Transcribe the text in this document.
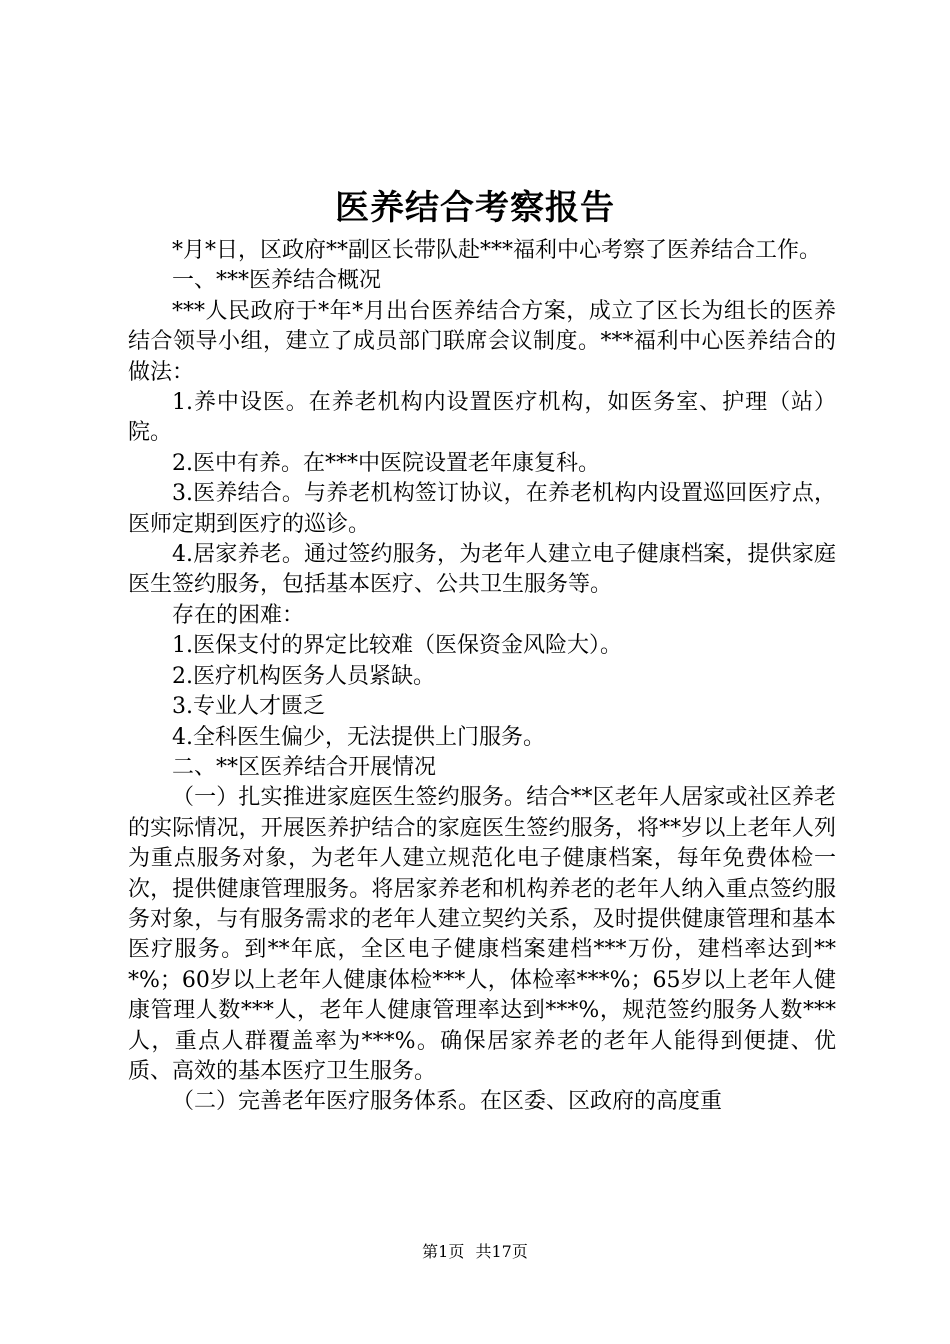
医养结合考察报告

*月*日，区政府**副区长带队赴***福利中心考察了医养结合工作。

一、***医养结合概况

***人民政府于*年*月出台医养结合方案，成立了区长为组长的医养结合领导小组，建立了成员部门联席会议制度。***福利中心医养结合的做法：

1.养中设医。在养老机构内设置医疗机构，如医务室、护理（站）院。

2.医中有养。在***中医院设置老年康复科。

3.医养结合。与养老机构签订协议，在养老机构内设置巡回医疗点，医师定期到医疗的巡诊。

4.居家养老。通过签约服务，为老年人建立电子健康档案，提供家庭医生签约服务，包括基本医疗、公共卫生服务等。

存在的困难：

1.医保支付的界定比较难（医保资金风险大）。

2.医疗机构医务人员紧缺。

3.专业人才匮乏

4.全科医生偏少，无法提供上门服务。

二、**区医养结合开展情况

（一）扎实推进家庭医生签约服务。结合**区老年人居家或社区养老的实际情况，开展医养护结合的家庭医生签约服务，将**岁以上老年人列为重点服务对象，为老年人建立规范化电子健康档案，每年免费体检一次，提供健康管理服务。将居家养老和机构养老的老年人纳入重点签约服务对象，与有服务需求的老年人建立契约关系，及时提供健康管理和基本医疗服务。到**年底，全区电子健康档案建档***万份，建档率达到***%；60岁以上老年人健康体检***人，体检率***%；65岁以上老年人健康管理人数***人，老年人健康管理率达到***%，规范签约服务人数***人，重点人群覆盖率为***%。确保居家养老的老年人能得到便捷、优质、高效的基本医疗卫生服务。

（二）完善老年医疗服务体系。在区委、区政府的高度重

第1页 共17页
